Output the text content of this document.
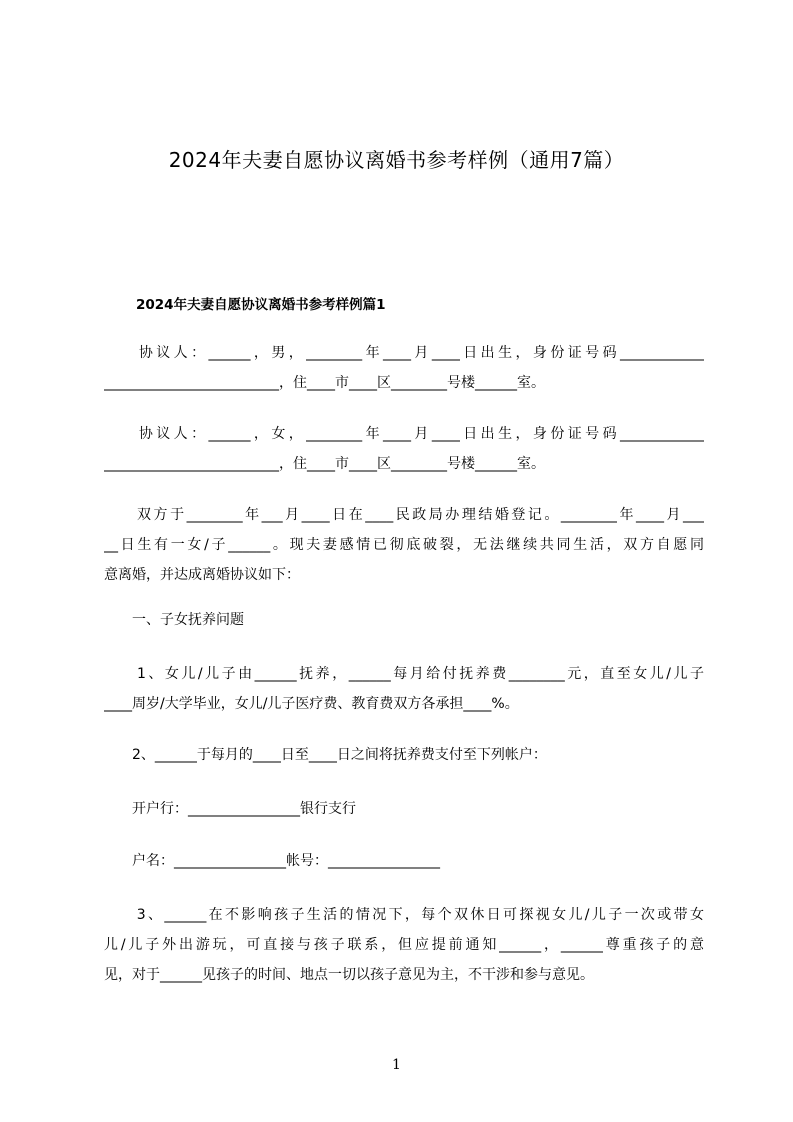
2024年夫妻自愿协议离婚书参考样例（通用7篇）
2024年夫妻自愿协议离婚书参考样例篇1
　　协议人：______，男，________年____月____日出生，身份证号码____________
_________________________，住____市____区________号楼______室。
　　协议人：______，女，________年____月____日出生，身份证号码____________
_________________________，住____市____区________号楼______室。
　　双方于________年___月____日在____民政局办理结婚登记。________年____月___
__日生有一女/子______。现夫妻感情已彻底破裂，无法继续共同生活，双方自愿同
意离婚，并达成离婚协议如下：
　　一、子女抚养问题
　　1、女儿/儿子由______抚养，______每月给付抚养费________元，直至女儿/儿子
____周岁/大学毕业，女儿/儿子医疗费、教育费双方各承担____%。
　　2、______于每月的____日至____日之间将抚养费支付至下列帐户：
　　开户行：________________银行支行
　　户名：________________帐号：________________
　　3、______在不影响孩子生活的情况下，每个双休日可探视女儿/儿子一次或带女
儿/儿子外出游玩，可直接与孩子联系，但应提前通知______，______尊重孩子的意
见，对于______见孩子的时间、地点一切以孩子意见为主，不干涉和参与意见。
1
